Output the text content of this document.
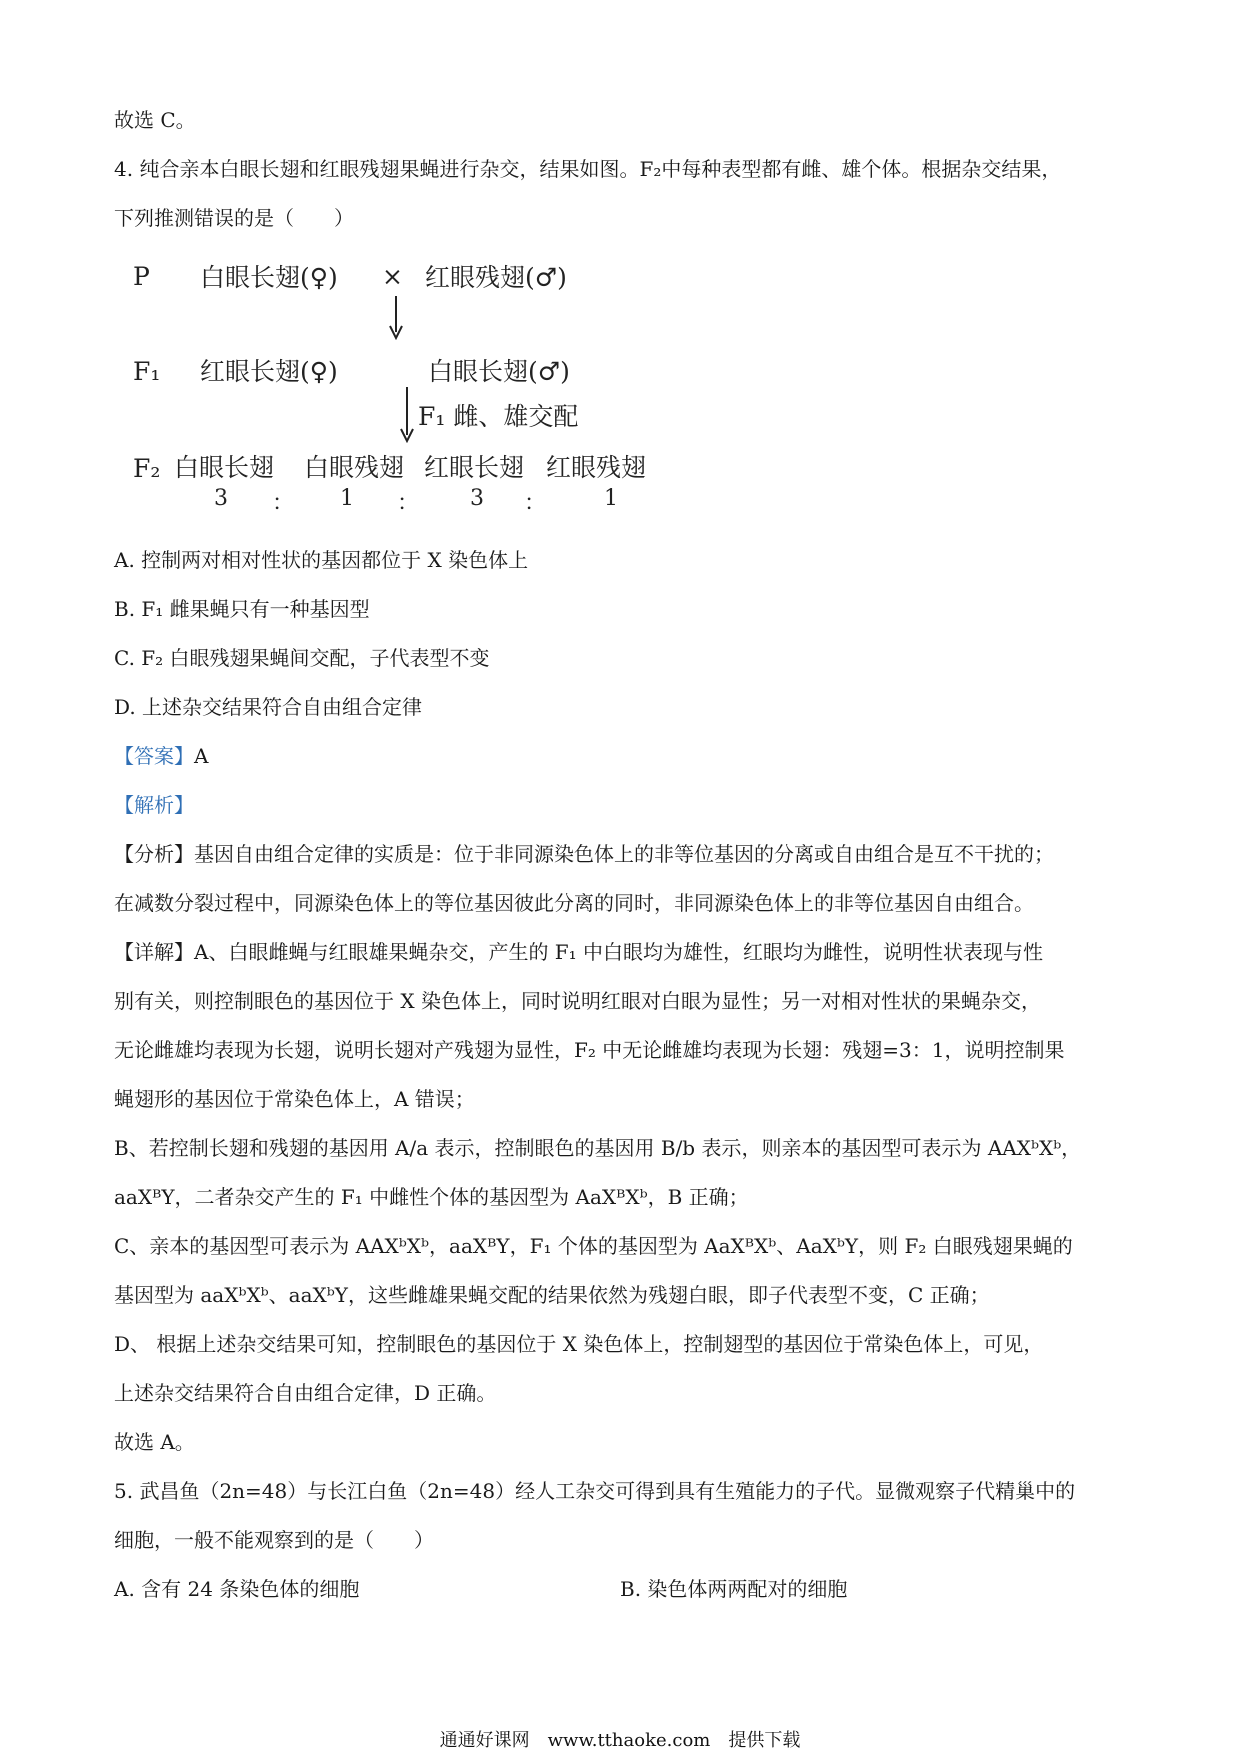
故选 C。
4. 纯合亲本白眼长翅和红眼残翅果蝇进行杂交，结果如图。F₂中每种表型都有雌、雄个体。根据杂交结果，
下列推测错误的是（　　）
P 白眼长翅(♀) × 红眼残翅(♂)
F₁ 红眼长翅(♀)	白眼长翅(♂)
F₁ 雌、雄交配
F₂ 白眼长翅 白眼残翅 红眼长翅 红眼残翅
3 ： 1 ： 3 ：	1
A. 控制两对相对性状的基因都位于 X 染色体上
B. F₁ 雌果蝇只有一种基因型
C. F₂ 白眼残翅果蝇间交配，子代表型不变
D. 上述杂交结果符合自由组合定律
【答案】A
【解析】
【分析】基因自由组合定律的实质是：位于非同源染色体上的非等位基因的分离或自由组合是互不干扰的；
在减数分裂过程中，同源染色体上的等位基因彼此分离的同时，非同源染色体上的非等位基因自由组合。
【详解】A、白眼雌蝇与红眼雄果蝇杂交，产生的 F₁ 中白眼均为雄性，红眼均为雌性，说明性状表现与性
别有关，则控制眼色的基因位于 X 染色体上，同时说明红眼对白眼为显性；另一对相对性状的果蝇杂交，
无论雌雄均表现为长翅，说明长翅对产残翅为显性，F₂ 中无论雌雄均表现为长翅：残翅=3：1，说明控制果
蝇翅形的基因位于常染色体上，A 错误；
B、若控制长翅和残翅的基因用 A/a 表示，控制眼色的基因用 B/b 表示，则亲本的基因型可表示为 AAXᵇXᵇ，
aaXᴮY，二者杂交产生的 F₁ 中雌性个体的基因型为 AaXᴮXᵇ，B 正确；
C、亲本的基因型可表示为 AAXᵇXᵇ，aaXᴮY，F₁ 个体的基因型为 AaXᴮXᵇ、AaXᵇY，则 F₂ 白眼残翅果蝇的
基因型为 aaXᵇXᵇ、aaXᵇY，这些雌雄果蝇交配的结果依然为残翅白眼，即子代表型不变，C 正确；
D、 根据上述杂交结果可知，控制眼色的基因位于 X 染色体上，控制翅型的基因位于常染色体上，可见，
上述杂交结果符合自由组合定律，D 正确。
故选 A。
5. 武昌鱼（2n=48）与长江白鱼（2n=48）经人工杂交可得到具有生殖能力的子代。显微观察子代精巢中的
细胞，一般不能观察到的是（　　）
A. 含有 24 条染色体的细胞	B. 染色体两两配对的细胞
通通好课网　www.tthaoke.com　提供下载
